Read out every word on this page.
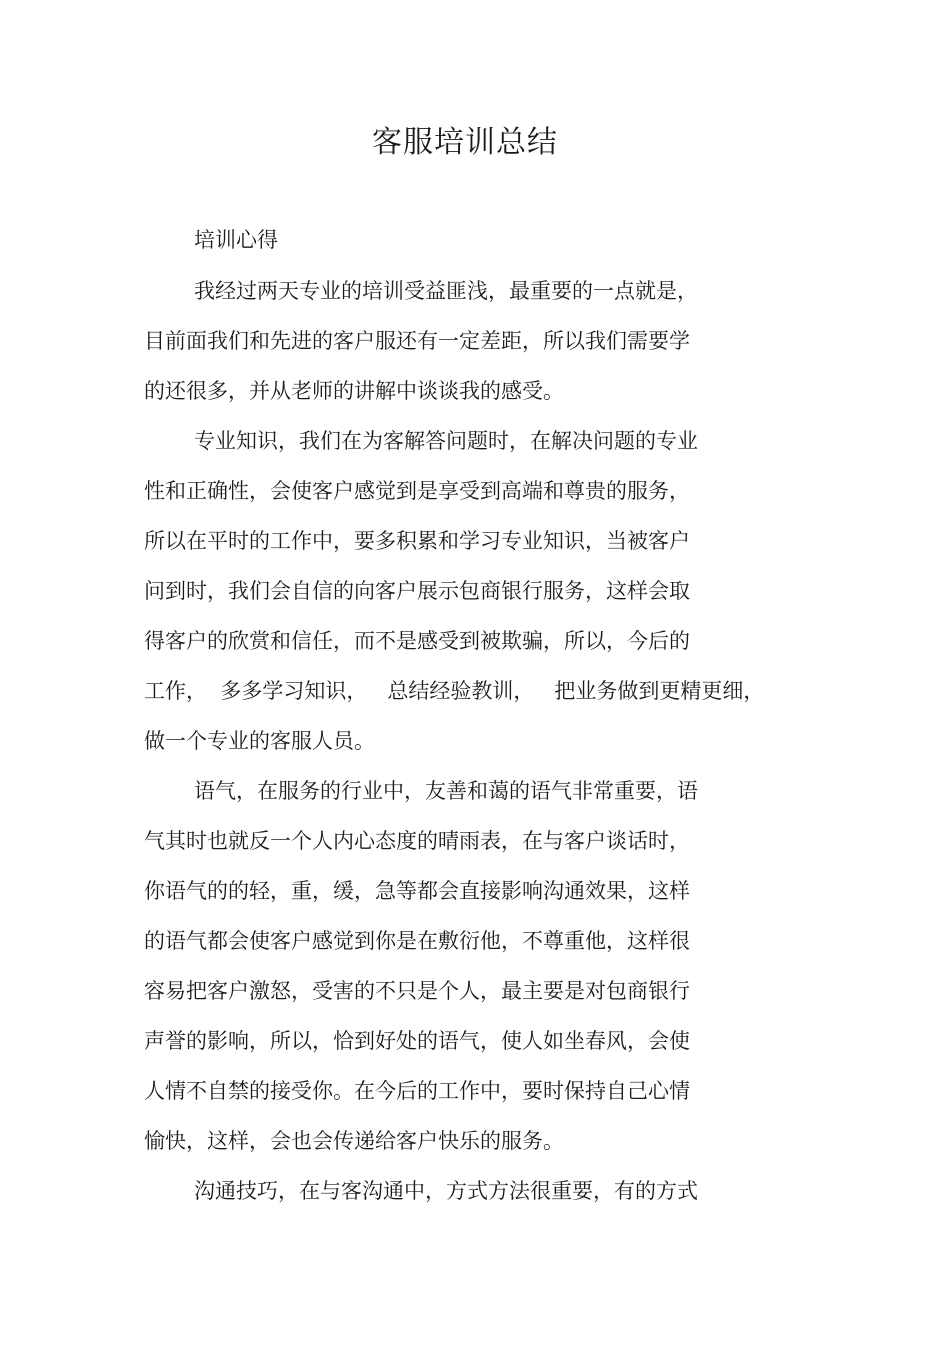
客服培训总结

培训心得

我经过两天专业的培训受益匪浅，最重要的一点就是，

目前面我们和先进的客户服还有一定差距，所以我们需要学

的还很多，并从老师的讲解中谈谈我的感受。

专业知识，我们在为客解答问题时，在解决问题的专业

性和正确性，会使客户感觉到是享受到高端和尊贵的服务，

所以在平时的工作中，要多积累和学习专业知识，当被客户

问到时，我们会自信的向客户展示包商银行服务，这样会取

得客户的欣赏和信任，而不是感受到被欺骗，所以，今后的

工作，  多多学习知识，   总结经验教训，   把业务做到更精更细，

做一个专业的客服人员。

语气，在服务的行业中，友善和蔼的语气非常重要，语

气其时也就反一个人内心态度的晴雨表，在与客户谈话时，

你语气的的轻，重，缓，急等都会直接影响沟通效果，这样

的语气都会使客户感觉到你是在敷衍他，不尊重他，这样很

容易把客户激怒，受害的不只是个人，最主要是对包商银行

声誉的影响，所以，恰到好处的语气，使人如坐春风，会使

人情不自禁的接受你。在今后的工作中，要时保持自己心情

愉快，这样，会也会传递给客户快乐的服务。

沟通技巧，在与客沟通中，方式方法很重要，有的方式
